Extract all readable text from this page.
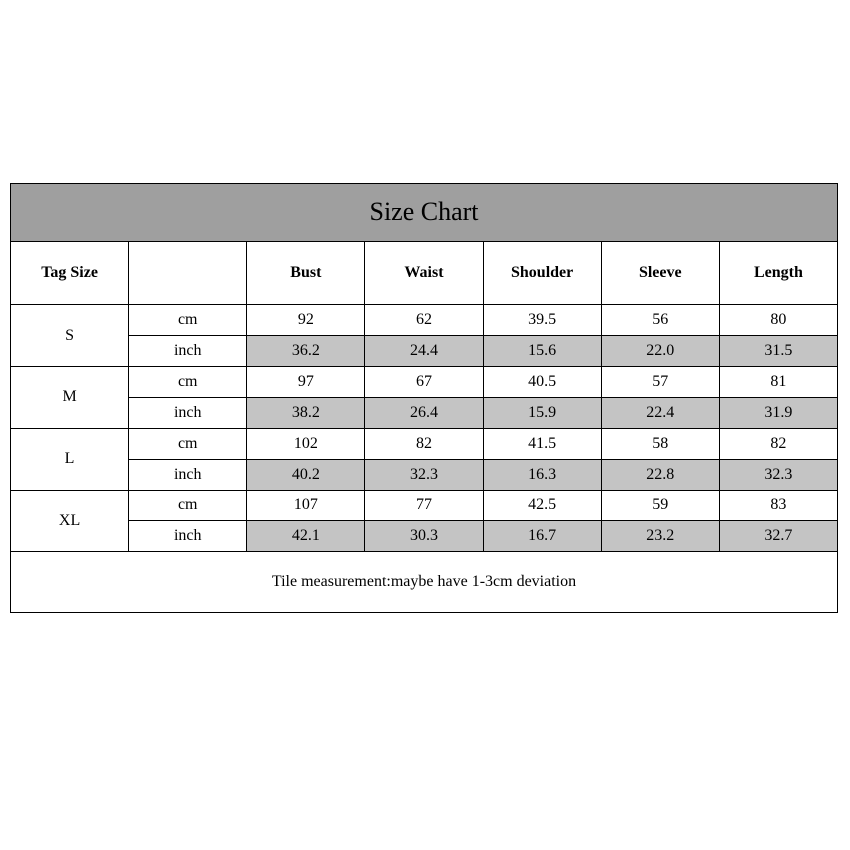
Size Chart						
Tag Size		Bust	Waist	Shoulder	Sleeve	Length
S	cm	92	62	39.5	56	80
	inch	36.2	24.4	15.6	22.0	31.5
M	cm	97	67	40.5	57	81
	inch	38.2	26.4	15.9	22.4	31.9
L	cm	102	82	41.5	58	82
	inch	40.2	32.3	16.3	22.8	32.3
XL	cm	107	77	42.5	59	83
	inch	42.1	30.3	16.7	23.2	32.7
Tile measurement:maybe have 1-3cm deviation						
